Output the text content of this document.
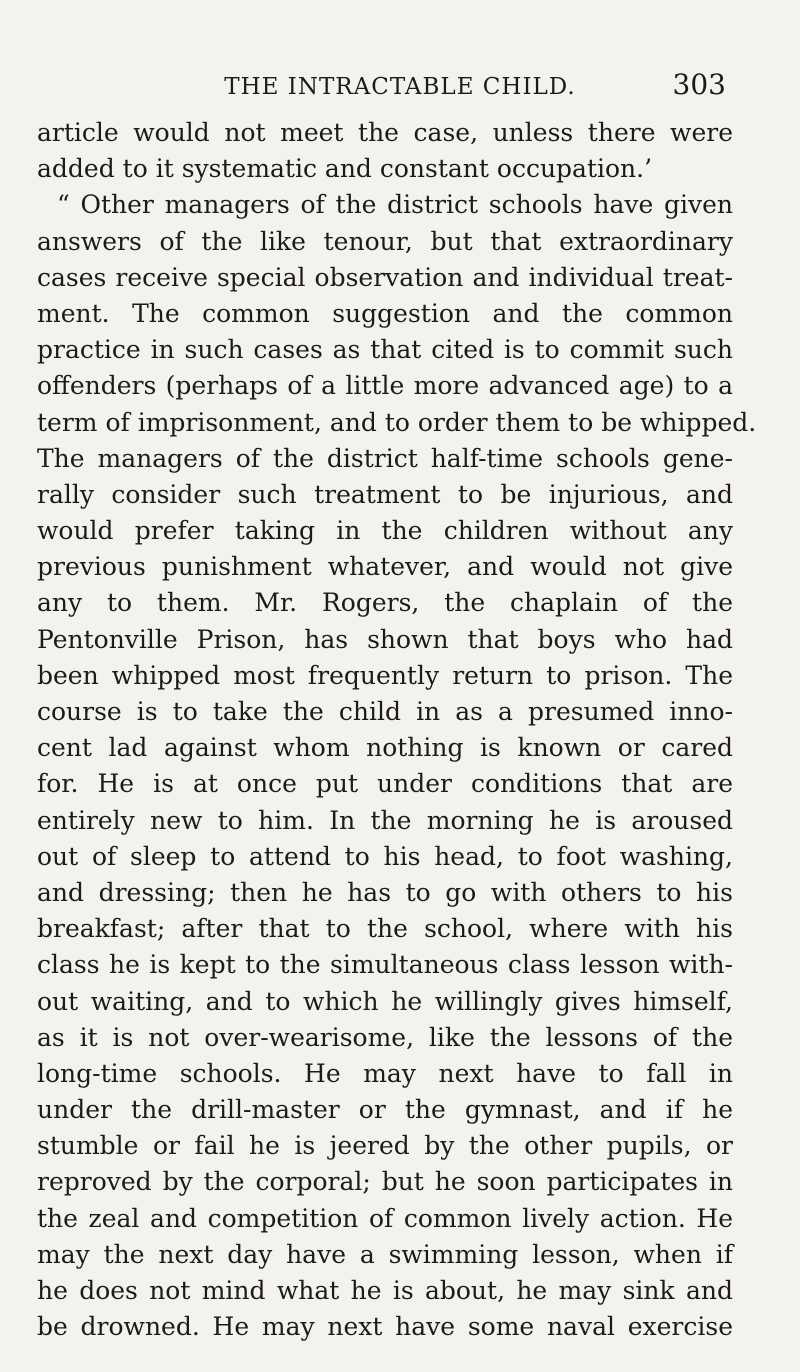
THE INTRACTABLE CHILD.	303
article would not meet the case, unless there were
added to it systematic and constant occupation.’
“ Other managers of the district schools have given
answers of the like tenour, but that extraordinary
cases receive special observation and individual treat-
ment. The common suggestion and the common
practice in such cases as that cited is to commit such
offenders (perhaps of a little more advanced age) to a
term of imprisonment, and to order them to be whipped.
The managers of the district half-time schools gene-
rally consider such treatment to be injurious, and
would prefer taking in the children without any
previous punishment whatever, and would not give
any to them. Mr. Rogers, the chaplain of the
Pentonville Prison, has shown that boys who had
been whipped most frequently return to prison. The
course is to take the child in as a presumed inno-
cent lad against whom nothing is known or cared
for. He is at once put under conditions that are
entirely new to him. In the morning he is aroused
out of sleep to attend to his head, to foot washing,
and dressing; then he has to go with others to his
breakfast; after that to the school, where with his
class he is kept to the simultaneous class lesson with-
out waiting, and to which he willingly gives himself,
as it is not over-wearisome, like the lessons of the
long-time schools. He may next have to fall in
under the drill-master or the gymnast, and if he
stumble or fail he is jeered by the other pupils, or
reproved by the corporal; but he soon participates in
the zeal and competition of common lively action. He
may the next day have a swimming lesson, when if
he does not mind what he is about, he may sink and
be drowned. He may next have some naval exercise
